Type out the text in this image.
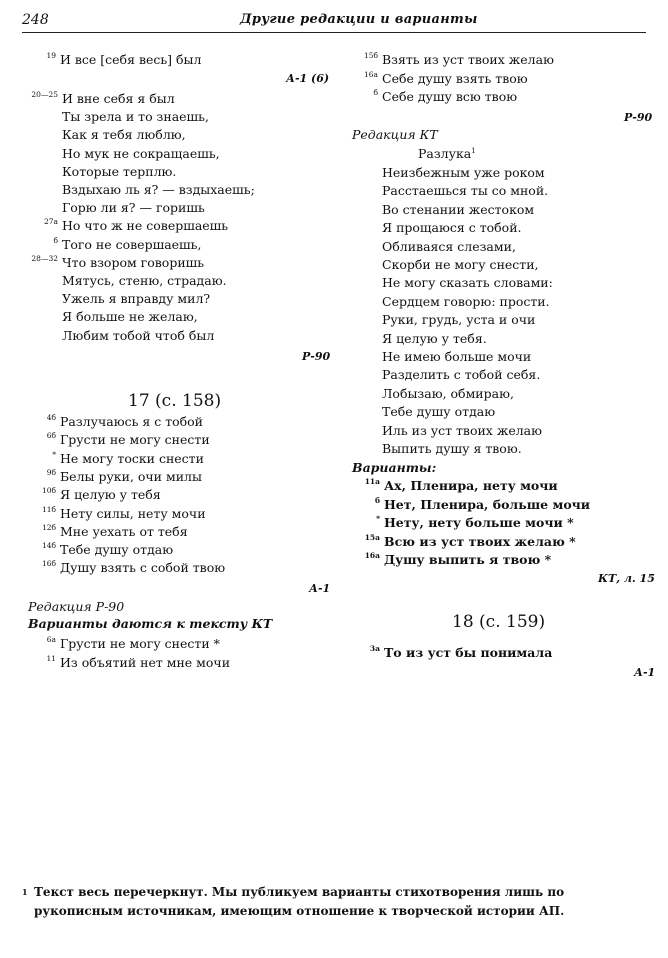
248	Другие редакции и варианты
19 И все [себя весь] был
А-1 (6)
20—25 И вне себя я был
Ты зрела и то знаешь,
Как я тебя люблю,
Но мук не сокращаешь,
Которые терплю.
Вздыхаю ль я? — вздыхаешь;
Горю ли я? — горишь
27а Но что ж не совершаешь
б Того не совершаешь,
28—32 Что взором говоришь
Мятусь, стеню, страдаю.
Ужель я вправду мил?
Я больше не желаю,
Любим тобой чтоб был
Р-90
17 (с. 158)
4б Разлучаюсь я с тобой
6б Грусти не могу снести
* Не могу тоски снести
9б Белы руки, очи милы
10б Я целую у тебя
11б Нету силы, нету мочи
12б Мне уехать от тебя
14б Тебе душу отдаю
16б Душу взять с собой твою
А-1
Редакция Р-90
Варианты даются к тексту КТ
6а Грусти не могу снести *
11 Из объятий нет мне мочи
15б Взять из уст твоих желаю
16а Себе душу взять твою
б Себе душу всю твою
Р-90
Редакция КТ
Разлука$^1$
Неизбежным уже роком
Расстаешься ты со мной.
Во стенании жестоком
Я прощаюся с тобой.
Обливаяся слезами,
Скорби не могу снести,
Не могу сказать словами:
Сердцем говорю: прости.
Руки, грудь, уста и очи
Я целую у тебя.
Не имею больше мочи
Разделить с тобой себя.
Лобызаю, обмираю,
Тебе душу отдаю
Иль из уст твоих желаю
Выпить душу я твою.
Варианты:
11а Ах, Пленира, нету мочи
б Нет, Пленира, больше мочи
* Нету, нету больше мочи *
15а Всю из уст твоих желаю *
16а Душу выпить я твою *
КТ, л. 15
18 (с. 159)
3а То из уст бы понимала
А-1
1 Текст весь перечеркнут. Мы публикуем варианты стихотворения лишь по рукописным источникам, имеющим отношение к творческой истории АП.
